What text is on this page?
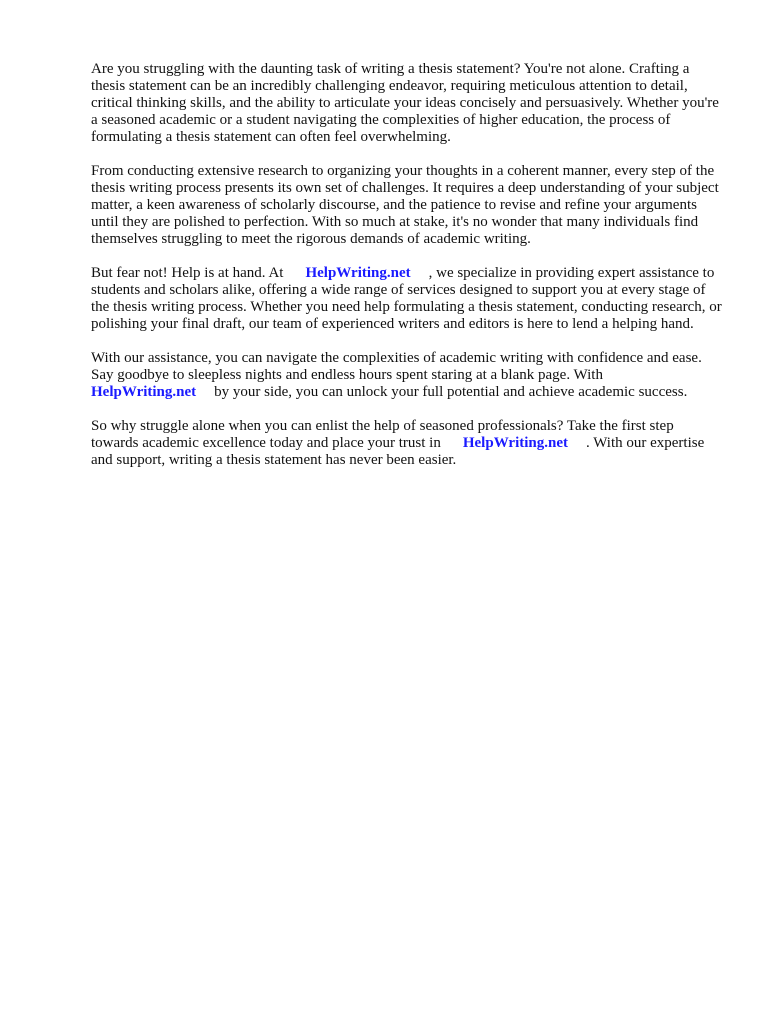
Are you struggling with the daunting task of writing a thesis statement? You're not alone. Crafting a thesis statement can be an incredibly challenging endeavor, requiring meticulous attention to detail, critical thinking skills, and the ability to articulate your ideas concisely and persuasively. Whether you're a seasoned academic or a student navigating the complexities of higher education, the process of formulating a thesis statement can often feel overwhelming.

From conducting extensive research to organizing your thoughts in a coherent manner, every step of the thesis writing process presents its own set of challenges. It requires a deep understanding of your subject matter, a keen awareness of scholarly discourse, and the patience to revise and refine your arguments until they are polished to perfection. With so much at stake, it's no wonder that many individuals find themselves struggling to meet the rigorous demands of academic writing.

But fear not! Help is at hand. At HelpWriting.net , we specialize in providing expert assistance to students and scholars alike, offering a wide range of services designed to support you at every stage of the thesis writing process. Whether you need help formulating a thesis statement, conducting research, or polishing your final draft, our team of experienced writers and editors is here to lend a helping hand.

With our assistance, you can navigate the complexities of academic writing with confidence and ease. Say goodbye to sleepless nights and endless hours spent staring at a blank page. With HelpWriting.net by your side, you can unlock your full potential and achieve academic success.

So why struggle alone when you can enlist the help of seasoned professionals? Take the first step towards academic excellence today and place your trust in HelpWriting.net . With our expertise and support, writing a thesis statement has never been easier.
